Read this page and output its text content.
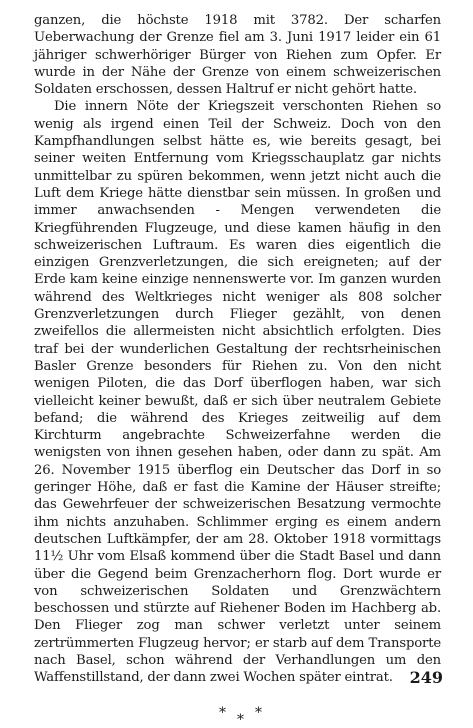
ganzen, die höchste 1918 mit 3782. Der scharfen Ueberwachung der Grenze fiel am 3. Juni 1917 leider ein 61 jähriger schwerhöriger Bürger von Riehen zum Opfer. Er wurde in der Nähe der Grenze von einem schweizerischen Soldaten erschossen, dessen Haltruf er nicht gehört hatte.

Die innern Nöte der Kriegszeit verschonten Riehen so wenig als irgend einen Teil der Schweiz. Doch von den Kampfhandlungen selbst hätte es, wie bereits gesagt, bei seiner weiten Entfernung vom Kriegsschauplatz gar nichts unmittelbar zu spüren bekommen, wenn jetzt nicht auch die Luft dem Kriege hätte dienstbar sein müssen. In großen und immer anwachsenden - Mengen verwendeten die Kriegführenden Flugzeuge, und diese kamen häufig in den schweizerischen Luftraum. Es waren dies eigentlich die einzigen Grenzverletzungen, die sich ereigneten; auf der Erde kam keine einzige nennenswerte vor. Im ganzen wurden während des Weltkrieges nicht weniger als 808 solcher Grenzverletzungen durch Flieger gezählt, von denen zweifellos die allermeisten nicht absichtlich erfolgten. Dies traf bei der wunderlichen Gestaltung der rechtsrheinischen Basler Grenze besonders für Riehen zu. Von den nicht wenigen Piloten, die das Dorf überflogen haben, war sich vielleicht keiner bewußt, daß er sich über neutralem Gebiete befand; die während des Krieges zeitweilig auf dem Kirchturm angebrachte Schweizerfahne werden die wenigsten von ihnen gesehen haben, oder dann zu spät. Am 26. November 1915 überflog ein Deutscher das Dorf in so geringer Höhe, daß er fast die Kamine der Häuser streifte; das Gewehrfeuer der schweizerischen Besatzung vermochte ihm nichts anzuhaben. Schlimmer erging es einem andern deutschen Luftkämpfer, der am 28. Oktober 1918 vormittags 11½ Uhr vom Elsaß kommend über die Stadt Basel und dann über die Gegend beim Grenzacherhorn flog. Dort wurde er von schweizerischen Soldaten und Grenzwächtern beschossen und stürzte auf Riehener Boden im Hachberg ab. Den Flieger zog man schwer verletzt unter seinem zertrümmerten Flugzeug hervor; er starb auf dem Transporte nach Basel, schon während der Verhandlungen um den Waffenstillstand, der dann zwei Wochen später eintrat.

* * *
249
